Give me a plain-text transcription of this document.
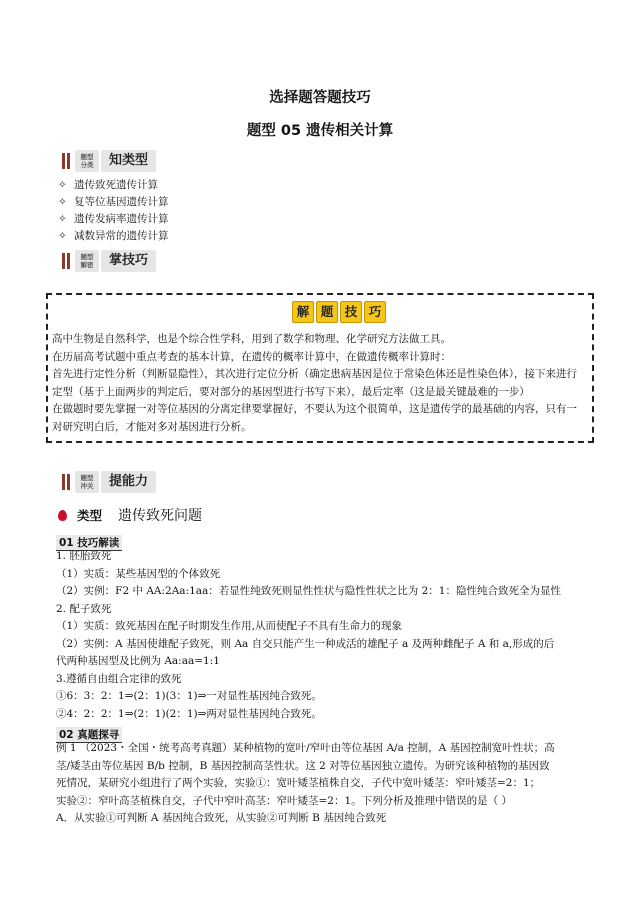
选择题答题技巧
题型 05 遗传相关计算
题型
分类	知类型
✧ 遗传致死遗传计算
✧ 复等位基因遗传计算
✧ 遗传发病率遗传计算
✧ 减数异常的遗传计算
题型
解密	掌技巧
解 题 技 巧
高中生物是自然科学，也是个综合性学科，用到了数学和物理、化学研究方法做工具。
在历届高考试题中重点考查的基本计算，在遗传的概率计算中，在做遗传概率计算时：
首先进行定性分析（判断显隐性），其次进行定位分析（确定患病基因是位于常染色体还是性染色体），接下来进行
定型（基于上面两步的判定后，要对部分的基因型进行书写下来），最后定率（这是最关键最难的一步）
在做题时要先掌握一对等位基因的分离定律要掌握好，不要认为这个很简单，这是遗传学的最基础的内容，只有一
对研究明白后，才能对多对基因进行分析。
题型
冲关	提能力
类型 遗传致死问题
01 技巧解读
1. 胚胎致死
（1）实质：某些基因型的个体致死
（2）实例：F2 中 AA:2Aa:1aa：若显性纯致死则显性性状与隐性性状之比为 2：1：隐性纯合致死全为显性
2. 配子致死
（1）实质：致死基因在配子时期发生作用,从而使配子不具有生命力的现象
（2）实例：A 基因使雄配子致死，则 Aa 自交只能产生一种成活的雄配子 a 及两种雌配子 A 和 a,形成的后
代两种基因型及比例为 Aa:aa=1:1
3.遵循自由组合定律的致死
①6：3：2：1⇒(2：1)(3：1)⇒一对显性基因纯合致死。
②4：2：2：1⇒(2：1)(2：1)⇒两对显性基因纯合致死。
02 真题探寻
例 1 （2023・全国・统考高考真题）某种植物的宽叶/窄叶由等位基因 A/a 控制，A 基因控制宽叶性状；高
茎/矮茎由等位基因 B/b 控制，B 基因控制高茎性状。这 2 对等位基因独立遗传。为研究该种植物的基因致
死情况，某研究小组进行了两个实验，实验①：宽叶矮茎植株自交，子代中宽叶矮茎：窄叶矮茎=2：1；
实验②：窄叶高茎植株自交，子代中窄叶高茎：窄叶矮茎=2：1。下列分析及推理中错误的是（ ）
A．从实验①可判断 A 基因纯合致死，从实验②可判断 B 基因纯合致死
